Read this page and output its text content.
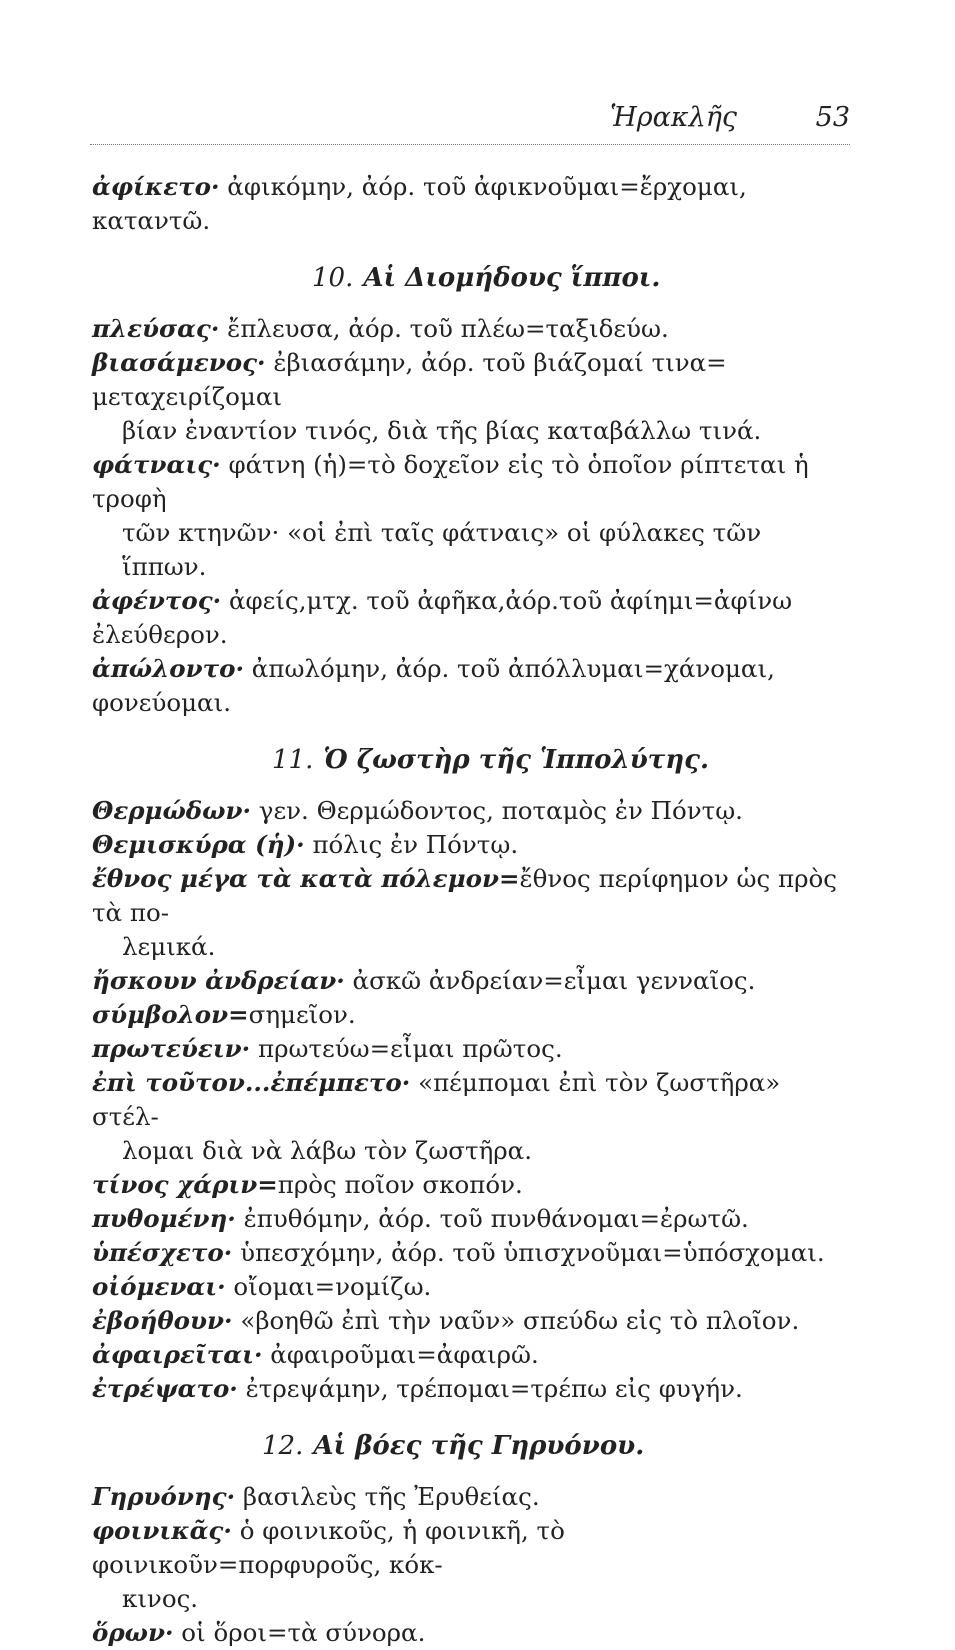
Ἡρακλῆς	53

ἀφίκετο· ἀφικόμην, ἀόρ. τοῦ ἀφικνοῦμαι=ἔρχομαι, καταντῶ.

10. Αἱ Διομήδους ἵπποι.

πλεύσας· ἔπλευσα, ἀόρ. τοῦ πλέω=ταξιδεύω.

βιασάμενος· ἐβιασάμην, ἀόρ. τοῦ βιάζομαί τινα= μεταχειρίζομαι

βίαν ἐναντίον τινός, διὰ τῆς βίας καταβάλλω τινά.

φάτναις· φάτνη (ἡ)=τὸ δοχεῖον εἰς τὸ ὁποῖον ρίπτεται ἡ τροφὴ

τῶν κτηνῶν· «οἱ ἐπὶ ταῖς φάτναις» οἱ φύλακες τῶν ἵππων.

ἀφέντος· ἀφείς,μτχ. τοῦ ἀφῆκα,ἀόρ.τοῦ ἀφίημι=ἀφίνω ἐλεύθερον.

ἀπώλοντο· ἀπωλόμην, ἀόρ. τοῦ ἀπόλλυμαι=χάνομαι, φονεύομαι.

11. Ὁ ζωστὴρ τῆς Ἱππολύτης.

Θερμώδων· γεν. Θερμώδοντος, ποταμὸς ἐν Πόντῳ.

Θεμισκύρα (ἡ)· πόλις ἐν Πόντῳ.

ἔθνος μέγα τὰ κατὰ πόλεμον=ἔθνος περίφημον ὡς πρὸς τὰ πο-

λεμικά.

ἤσκουν ἀνδρείαν· ἀσκῶ ἀνδρείαν=εἶμαι γενναῖος.

σύμβολον=σημεῖον.

πρωτεύειν· πρωτεύω=εἶμαι πρῶτος.

ἐπὶ τοῦτον...ἐπέμπετο· «πέμπομαι ἐπὶ τὸν ζωστῆρα» στέλ-

λομαι διὰ νὰ λάβω τὸν ζωστῆρα.

τίνος χάριν=πρὸς ποῖον σκοπόν.

πυθομένη· ἐπυθόμην, ἀόρ. τοῦ πυνθάνομαι=ἐρωτῶ.

ὑπέσχετο· ὑπεσχόμην, ἀόρ. τοῦ ὑπισχνοῦμαι=ὑπόσχομαι.

οἰόμεναι· οἴομαι=νομίζω.

ἐβοήθουν· «βοηθῶ ἐπὶ τὴν ναῦν» σπεύδω εἰς τὸ πλοῖον.

ἀφαιρεῖται· ἀφαιροῦμαι=ἀφαιρῶ.

ἐτρέψατο· ἐτρεψάμην, τρέπομαι=τρέπω εἰς φυγήν.

12. Αἱ βόες τῆς Γηρυόνου.

Γηρυόνης· βασιλεὺς τῆς Ἐρυθείας.

φοινικᾶς· ὁ φοινικοῦς, ἡ φοινικῆ, τὸ φοινικοῦν=πορφυροῦς, κόκ-

κινος.

ὅρων· οἱ ὅροι=τὰ σύνορα.
